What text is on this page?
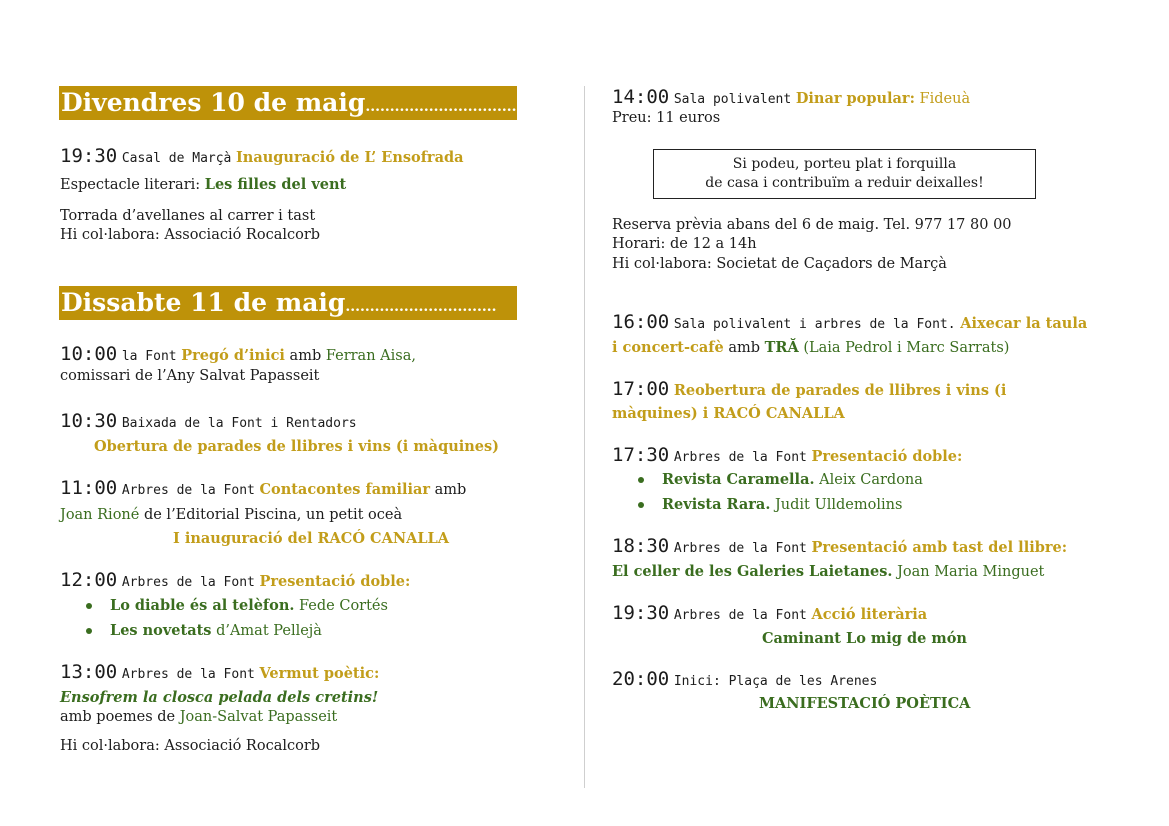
Divendres 10 de maig...............................
19:30 Casal de Marçà Inauguració de L’ Ensofrada
Espectacle literari: Les filles del vent
Torrada d’avellanes al carrer i tast
Hi col·labora: Associació Rocalcorb
Dissabte 11 de maig...............................
10:00 la Font Pregó d’inici amb Ferran Aisa,
comissari de l’Any Salvat Papasseit
10:30 Baixada de la Font i Rentadors
Obertura de parades de llibres i vins (i màquines)
11:00 Arbres de la Font Contacontes familiar amb
Joan Rioné de l’Editorial Piscina, un petit oceà
I inauguració del RACÓ CANALLA
12:00 Arbres de la Font Presentació doble:
Lo diable és al telèfon. Fede Cortés
Les novetats d’Amat Pellejà
13:00 Arbres de la Font Vermut poètic:
Ensofrem la closca pelada dels cretins!
amb poemes de Joan-Salvat Papasseit
Hi col·labora: Associació Rocalcorb
14:00 Sala polivalent Dinar popular: Fideuà
Preu: 11 euros
Si podeu, porteu plat i forquilla
de casa i contribuïm a reduir deixalles!
Reserva prèvia abans del 6 de maig. Tel. 977 17 80 00
Horari: de 12 a 14h
Hi col·labora: Societat de Caçadors de Marçà
16:00 Sala polivalent i arbres de la Font. Aixecar la taula
i concert-cafè amb TRĂ (Laia Pedrol i Marc Sarrats)
17:00 Reobertura de parades de llibres i vins (i
màquines) i RACÓ CANALLA
17:30 Arbres de la Font Presentació doble:
Revista Caramella. Aleix Cardona
Revista Rara. Judit Ulldemolins
18:30 Arbres de la Font Presentació amb tast del llibre:
El celler de les Galeries Laietanes. Joan Maria Minguet
19:30 Arbres de la Font Acció literària
Caminant Lo mig de món
20:00 Inici: Plaça de les Arenes
MANIFESTACIÓ POÈTICA
